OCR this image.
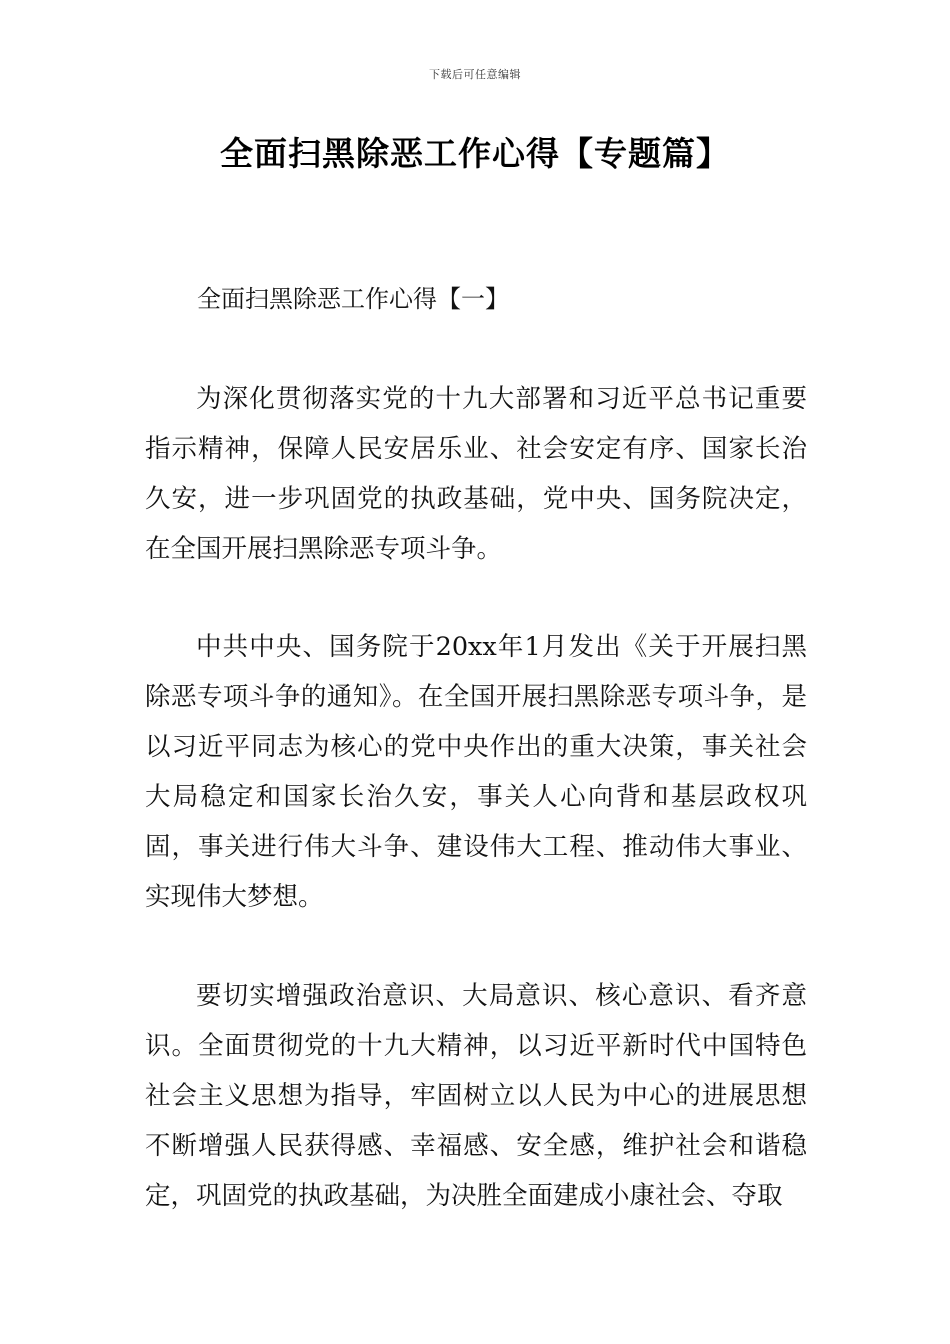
下载后可任意编辑
全面扫黑除恶工作心得【专题篇】
全面扫黑除恶工作心得【一】

为深化贯彻落实党的十九大部署和习近平总书记重要指示精神，保障人民安居乐业、社会安定有序、国家长治久安，进一步巩固党的执政基础，党中央、国务院决定，在全国开展扫黑除恶专项斗争。

中共中央、国务院于20xx年1月发出《关于开展扫黑除恶专项斗争的通知》。在全国开展扫黑除恶专项斗争，是以习近平同志为核心的党中央作出的重大决策，事关社会大局稳定和国家长治久安，事关人心向背和基层政权巩固，事关进行伟大斗争、建设伟大工程、推动伟大事业、实现伟大梦想。

要切实增强政治意识、大局意识、核心意识、看齐意识。全面贯彻党的十九大精神，以习近平新时代中国特色社会主义思想为指导，牢固树立以人民为中心的进展思想不断增强人民获得感、幸福感、安全感，维护社会和谐稳定，巩固党的执政基础，为决胜全面建成小康社会、夺取
